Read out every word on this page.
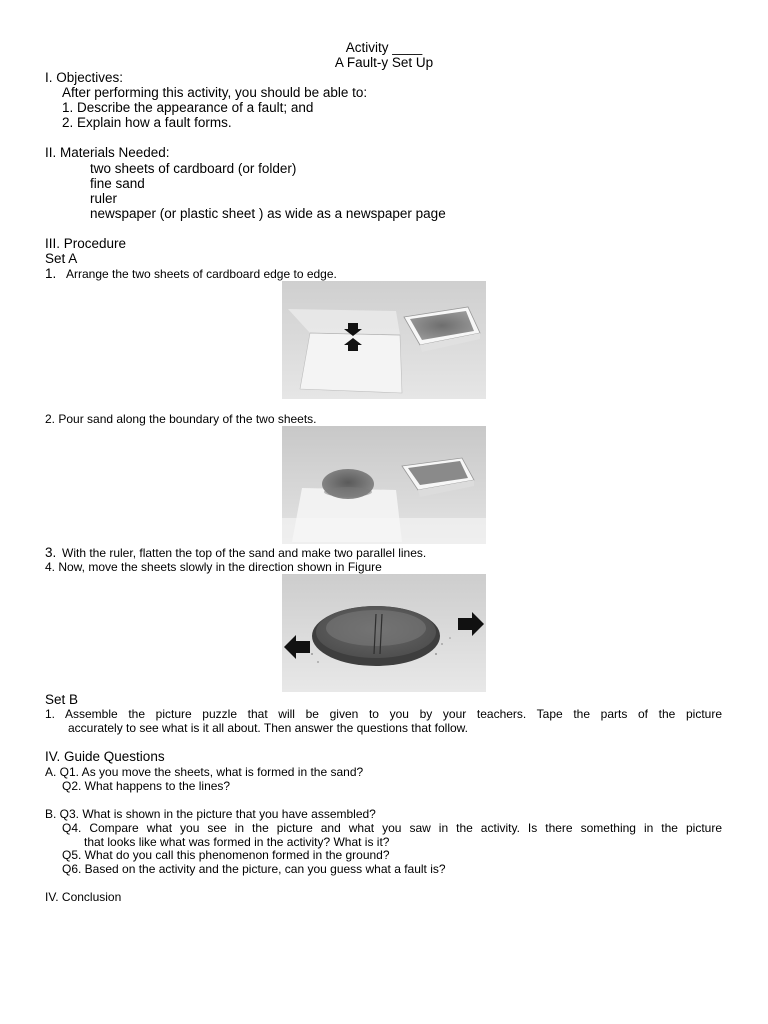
Activity ____
A Fault-y Set Up
I. Objectives:
After performing this activity, you should be able to:
1. Describe the appearance of a fault; and
2. Explain how a fault forms.
II. Materials Needed:
two sheets of cardboard (or folder)
fine sand
ruler
newspaper (or plastic sheet ) as wide as a newspaper page
III. Procedure
Set A
1. Arrange the two sheets of cardboard edge to edge.
2. Pour sand along the boundary of the two sheets.
3. With the ruler, flatten the top of the sand and make two parallel lines.
4. Now, move the sheets slowly in the direction shown in Figure
Set B
1. Assemble the picture puzzle that will be given to you by your teachers. Tape the parts of the picture
accurately to see what is it all about. Then answer the questions that follow.
IV. Guide Questions
A. Q1. As you move the sheets, what is formed in the sand?
Q2. What happens to the lines?
B. Q3. What is shown in the picture that you have assembled?
Q4. Compare what you see in the picture and what you saw in the activity. Is there something in the picture
that looks like what was formed in the activity? What is it?
Q5. What do you call this phenomenon formed in the ground?
Q6. Based on the activity and the picture, can you guess what a fault is?
IV. Conclusion
